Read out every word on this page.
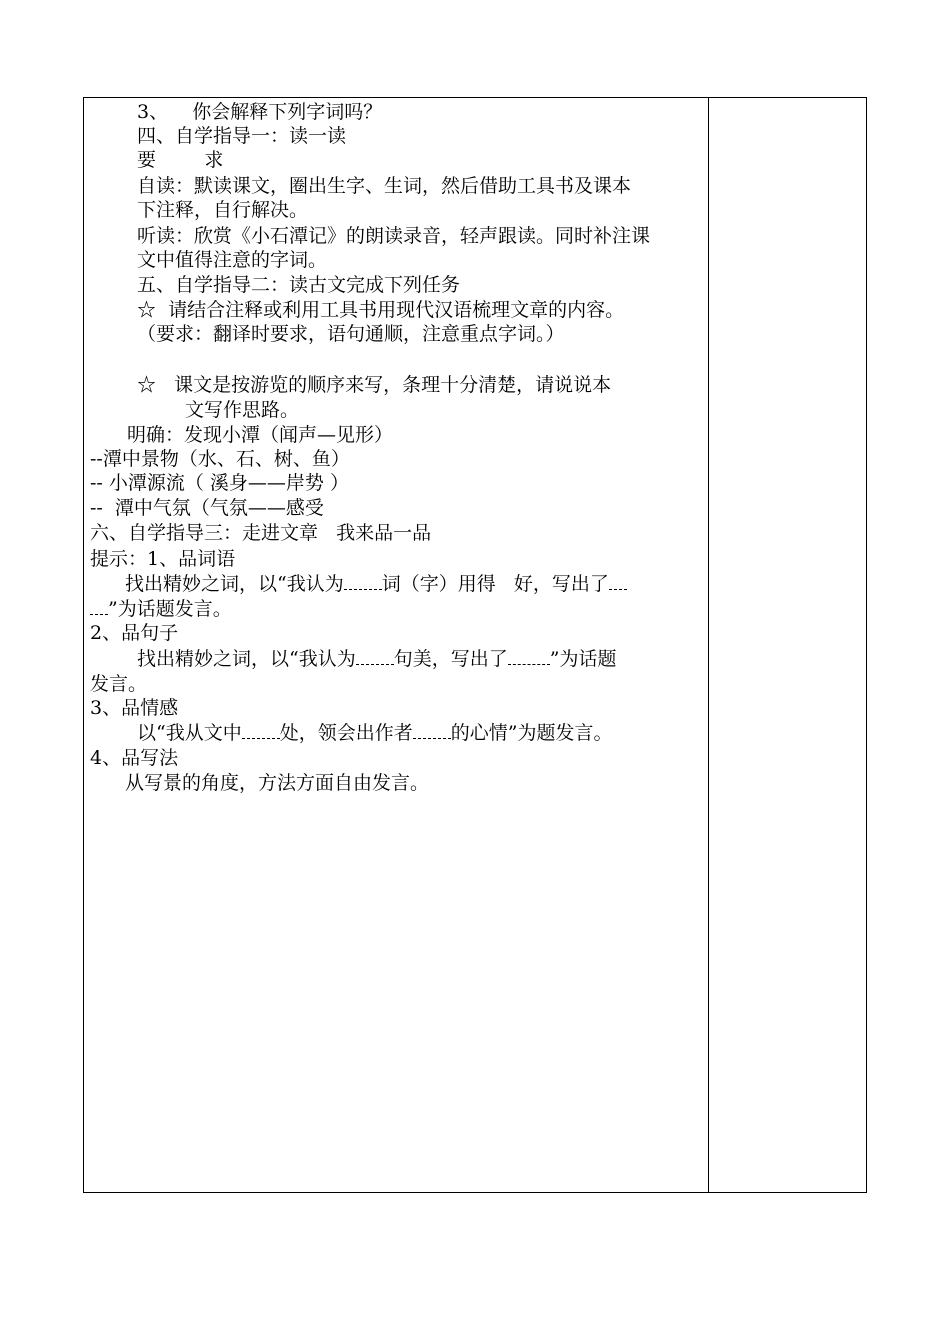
3、    你会解释下列字词吗？
四、自学指导一：读一读
要        求
自读：默读课文，圈出生字、生词，然后借助工具书及课本
下注释，自行解决。
听读：欣赏《小石潭记》的朗读录音，轻声跟读。同时补注课
文中值得注意的字词。
五、自学指导二：读古文完成下列任务
☆  请结合注释或利用工具书用现代汉语梳理文章的内容。
（要求：翻译时要求，语句通顺，注意重点字词。）
☆   课文是按游览的顺序来写，条理十分清楚，请说说本
文写作思路。
明确：发现小潭（闻声—见形）
--潭中景物（水、石、树、鱼）
-- 小潭源流（ 溪身——岸势 ）
--  潭中气氛（气氛——感受
六、自学指导三：走进文章   我来品一品
提示：1、品词语
找出精妙之词，以“我认为 词（字）用得   好，写出了
”为话题发言。
2、品句子
找出精妙之词，以“我认为 句美，写出了 ”为话题
发言。
3、品情感
以“我从文中 处，领会出作者 的心情”为题发言。
4、品写法
从写景的角度，方法方面自由发言。
